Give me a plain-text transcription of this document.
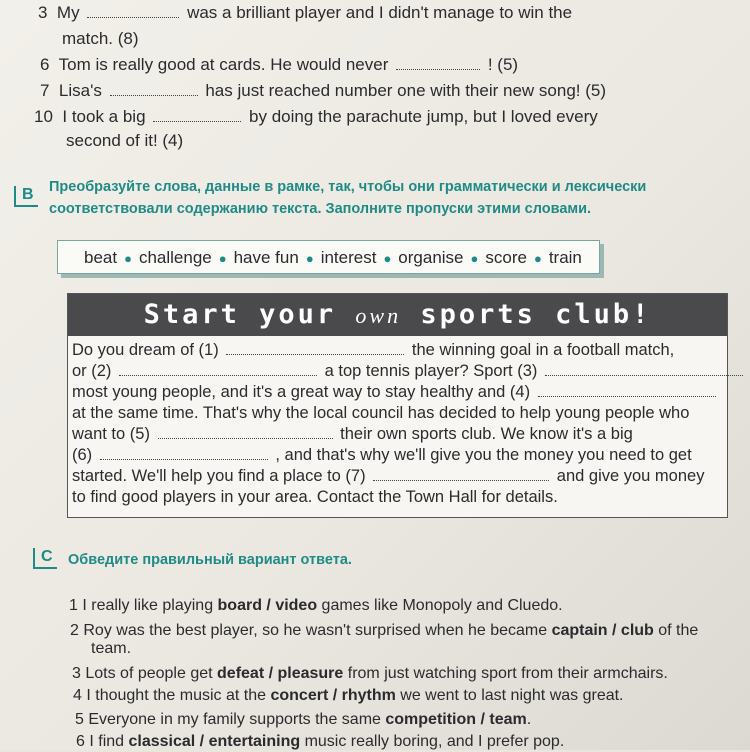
3 My	was a brilliant player and I didn't manage to win the
match. (8)
6 Tom is really good at cards. He would never	! (5)
7 Lisa's	has just reached number one with their new song! (5)
10 I took a big	by doing the parachute jump, but I loved every
second of it! (4)
B Преобразуйте слова, данные в рамке, так, чтобы они грамматически и лексически
соответствовали содержанию текста. Заполните пропуски этими словами.
beat ● challenge ● have fun ● interest ● organise ● score ● train
Start your own sports club!
Do you dream of (1)	the winning goal in a football match,
or (2)	a top tennis player? Sport (3)
most young people, and it's a great way to stay healthy and (4)
at the same time. That's why the local council has decided to help young people who
want to (5)	their own sports club. We know it's a big
(6)	, and that's why we'll give you the money you need to get
started. We'll help you find a place to (7)	and give you money
to find good players in your area. Contact the Town Hall for details.
C Обведите правильный вариант ответа.
1 I really like playing board / video games like Monopoly and Cluedo.
2 Roy was the best player, so he wasn't surprised when he became captain / club of the
team.
3 Lots of people get defeat / pleasure from just watching sport from their armchairs.
4 I thought the music at the concert / rhythm we went to last night was great.
5 Everyone in my family supports the same competition / team.
6 I find classical / entertaining music really boring, and I prefer pop.
